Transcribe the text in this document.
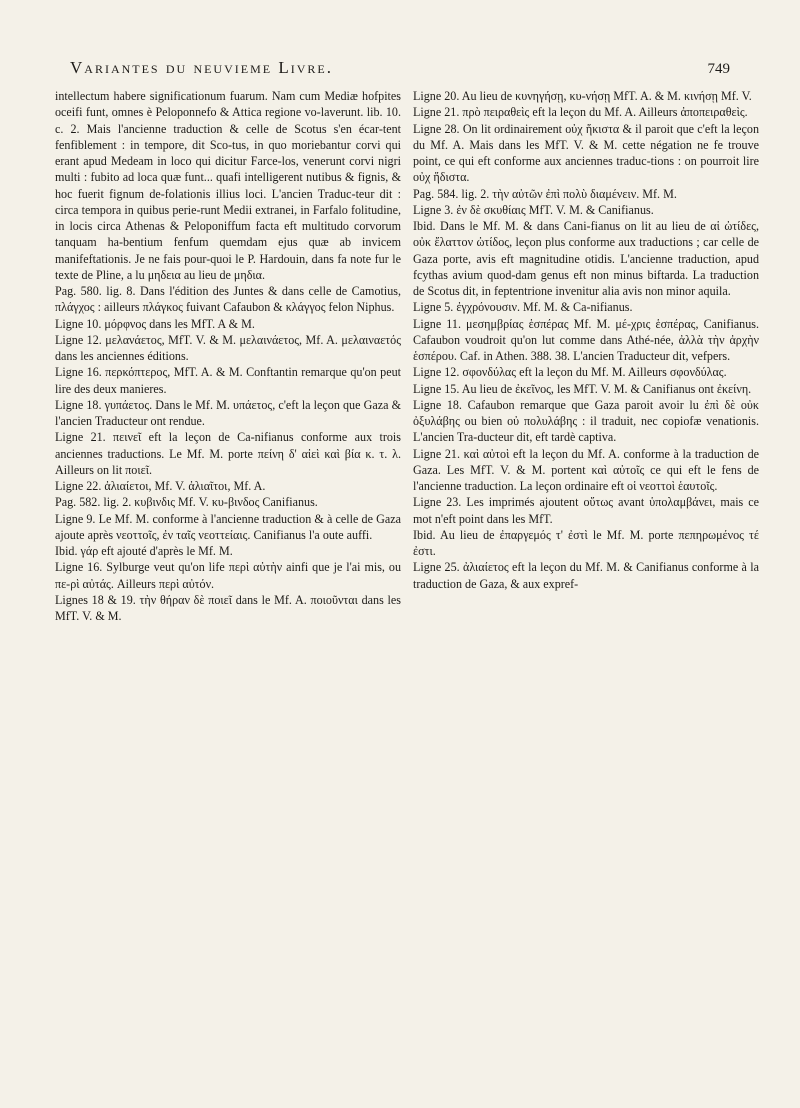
Variantes du neuvieme Livre.	749

intellectum habere significationum fuarum. Nam cum Mediæ hofpites oceifi funt, omnes è Peloponnefo & Attica regione vo-laverunt. lib. 10. c. 2. Mais l'ancienne traduction & celle de Scotus s'en écar-tent fenfiblement : in tempore, dit Sco-tus, in quo moriebantur corvi qui erant apud Medeam in loco qui dicitur Farce-los, venerunt corvi nigri multi : fubito ad loca quæ funt... quafi intelligerent nutibus & fignis, & hoc fuerit fignum de-folationis illius loci. L'ancien Traduc-teur dit : circa tempora in quibus perie-runt Medii extranei, in Farfalo folitudine, in locis circa Athenas & Peloponiffum facta eft multitudo corvorum tanquam ha-bentium fenfum quemdam ejus quæ ab invicem manifeftationis. Je ne fais pour-quoi le P. Hardouin, dans fa note fur le texte de Pline, a lu μηδεια au lieu de μηδια.

Pag. 580. lig. 8. Dans l'édition des Juntes & dans celle de Camotius, πλάγχος : ailleurs πλάγκος fuivant Cafaubon & κλάγγος felon Niphus.

Ligne 10. μόρφνος dans les MfT. A & M.

Ligne 12. μελανάετος, MfT. V. & M. μελαινάετος, Mf. A. μελαιναετός dans les anciennes éditions.

Ligne 16. περκόπτερος, MfT. A. & M. Conftantin remarque qu'on peut lire des deux manieres.

Ligne 18. γυπάετος. Dans le Mf. M. υπάετος, c'eft la leçon que Gaza & l'ancien Traducteur ont rendue.

Ligne 21. πεινεῖ eft la leçon de Ca-nifianus conforme aux trois anciennes traductions. Le Mf. M. porte πείνη δ' αἰεὶ καὶ βία κ. τ. λ. Ailleurs on lit ποιεῖ.

Ligne 22. ἀλιαίετοι, Mf. V. ἀλιαῖτοι, Mf. A.

Pag. 582. lig. 2. κυβινδις Mf. V. κυ-βινδος Canifianus.

Ligne 9. Le Mf. M. conforme à l'ancienne traduction & à celle de Gaza ajoute après νεοττοῖς, ἐν ταῖς νεοττείαις. Canifianus l'a oute auffi.

Ibid. γάρ eft ajouté d'après le Mf. M.

Ligne 16. Sylburge veut qu'on life περὶ αὐτὴν ainfi que je l'ai mis, ou πε-ρὶ αὐτάς. Ailleurs περὶ αὐτόν.

Lignes 18 & 19. τὴν θήραν δὲ ποιεῖ dans le Mf. A. ποιοῦνται dans les MfT. V. & M.

Ligne 20. Au lieu de κυνηγήσῃ, κυ-νήσῃ MfT. A. & M. κινήσῃ Mf. V.

Ligne 21. πρὸ πειραθεὶς eft la leçon du Mf. A. Ailleurs ἀποπειραθεὶς.

Ligne 28. On lit ordinairement οὐχ ἥκιστα & il paroit que c'eft la leçon du Mf. A. Mais dans les MfT. V. & M. cette négation ne fe trouve point, ce qui eft conforme aux anciennes traduc-tions : on pourroit lire οὐχ ἥδιστα.

Pag. 584. lig. 2. τὴν αὐτῶν ἐπὶ πολὺ διαμένειν. Mf. M.

Ligne 3. ἐν δὲ σκυθίαις MfT. V. M. & Canifianus.

Ibid. Dans le Mf. M. & dans Cani-fianus on lit au lieu de αἱ ὠτίδες, οὐκ ἔλαττον ὠτίδος, leçon plus conforme aux traductions ; car celle de Gaza porte, avis eft magnitudine otidis. L'ancienne traduction, apud fcythas avium quod-dam genus eft non minus biftarda. La traduction de Scotus dit, in feptentrione invenitur alia avis non minor aquila.

Ligne 5. ἐγχρόνουσιν. Mf. M. & Ca-nifianus.

Ligne 11. μεσημβρίας ἑσπέρας Mf. M. μέ-χρις ἑσπέρας, Canifianus. Cafaubon voudroit qu'on lut comme dans Athé-née, ἀλλὰ τὴν ἀρχὴν ἑσπέρου. Caf. in Athen. 388. 38. L'ancien Traducteur dit, vefpers.

Ligne 12. σφονδύλας eft la leçon du Mf. M. Ailleurs σφονδύλας.

Ligne 15. Au lieu de ἐκεῖνος, les MfT. V. M. & Canifianus ont ἐκείνη.

Ligne 18. Cafaubon remarque que Gaza paroit avoir lu ἐπὶ δὲ οὐκ ὀξυλάβης ou bien οὐ πολυλάβης : il traduit, nec copiofæ venationis. L'ancien Tra-ducteur dit, eft tardè captiva.

Ligne 21. καὶ αὐτοὶ eft la leçon du Mf. A. conforme à la traduction de Gaza. Les MfT. V. & M. portent καὶ αὐτοῖς ce qui eft le fens de l'ancienne traduction. La leçon ordinaire eft οἱ νεοττοὶ ἑαυτοῖς.

Ligne 23. Les imprimés ajoutent οὕτως avant ὑπολαμβάνει, mais ce mot n'eft point dans les MfT.

Ibid. Au lieu de ἐπαργεμός τ' ἐστὶ le Mf. M. porte πεπηρωμένος τέ ἐστι.

Ligne 25. ἀλιαίετος eft la leçon du Mf. M. & Canifianus conforme à la traduction de Gaza, & aux expref-
